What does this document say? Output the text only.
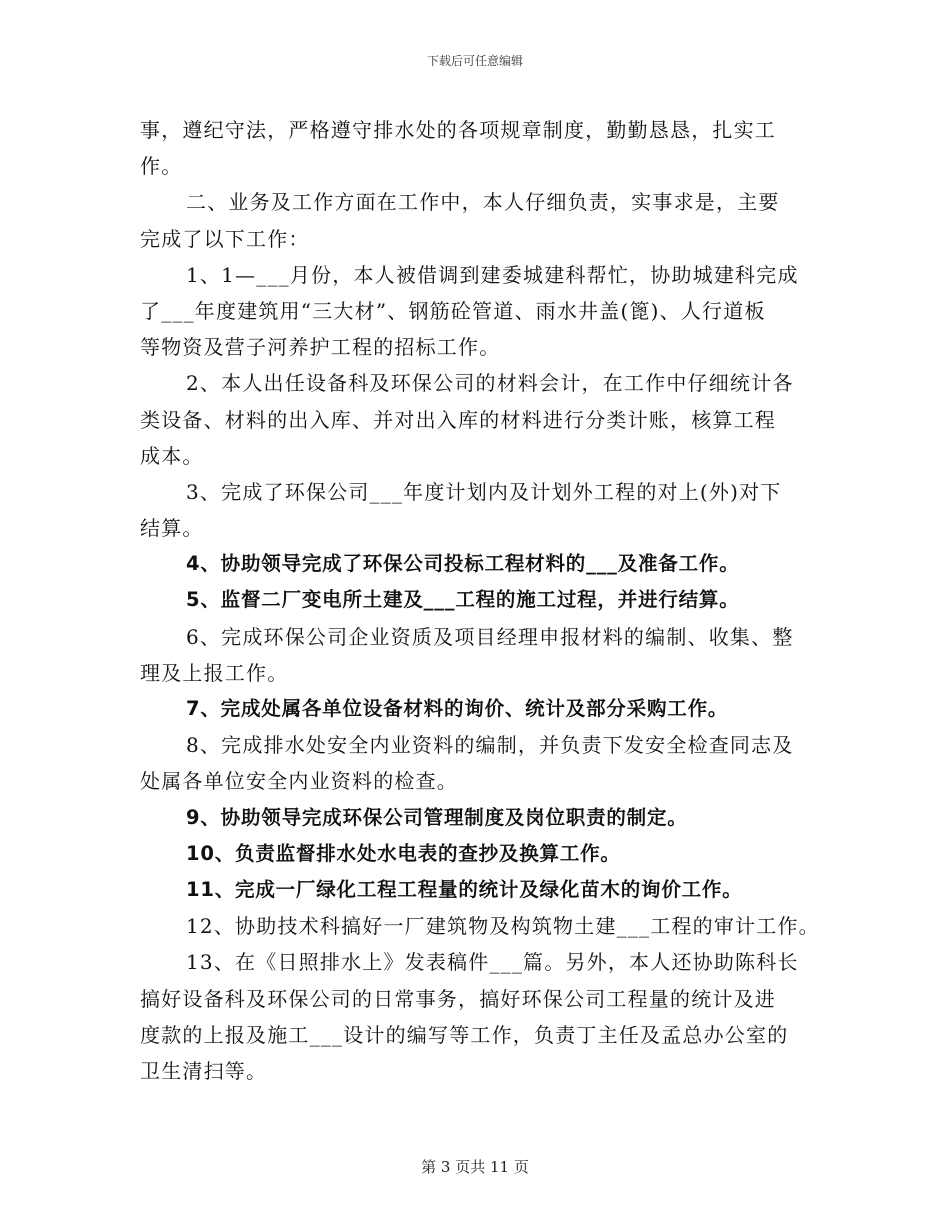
下载后可任意编辑
事，遵纪守法，严格遵守排水处的各项规章制度，勤勤恳恳，扎实工
作。
二、业务及工作方面在工作中，本人仔细负责，实事求是，主要
完成了以下工作：
1、1—___月份，本人被借调到建委城建科帮忙，协助城建科完成
了___年度建筑用“三大材”、钢筋砼管道、雨水井盖(篦)、人行道板
等物资及营子河养护工程的招标工作。
2、本人出任设备科及环保公司的材料会计，在工作中仔细统计各
类设备、材料的出入库、并对出入库的材料进行分类计账，核算工程
成本。
3、完成了环保公司___年度计划内及计划外工程的对上(外)对下
结算。
4、协助领导完成了环保公司投标工程材料的___及准备工作。
5、监督二厂变电所土建及___工程的施工过程，并进行结算。
6、完成环保公司企业资质及项目经理申报材料的编制、收集、整
理及上报工作。
7、完成处属各单位设备材料的询价、统计及部分采购工作。
8、完成排水处安全内业资料的编制，并负责下发安全检查同志及
处属各单位安全内业资料的检查。
9、协助领导完成环保公司管理制度及岗位职责的制定。
10、负责监督排水处水电表的查抄及换算工作。
11、完成一厂绿化工程工程量的统计及绿化苗木的询价工作。
12、协助技术科搞好一厂建筑物及构筑物土建___工程的审计工作。
13、在《日照排水上》发表稿件___篇。另外，本人还协助陈科长
搞好设备科及环保公司的日常事务，搞好环保公司工程量的统计及进
度款的上报及施工___设计的编写等工作，负责丁主任及孟总办公室的
卫生清扫等。
第 3 页共 11 页
